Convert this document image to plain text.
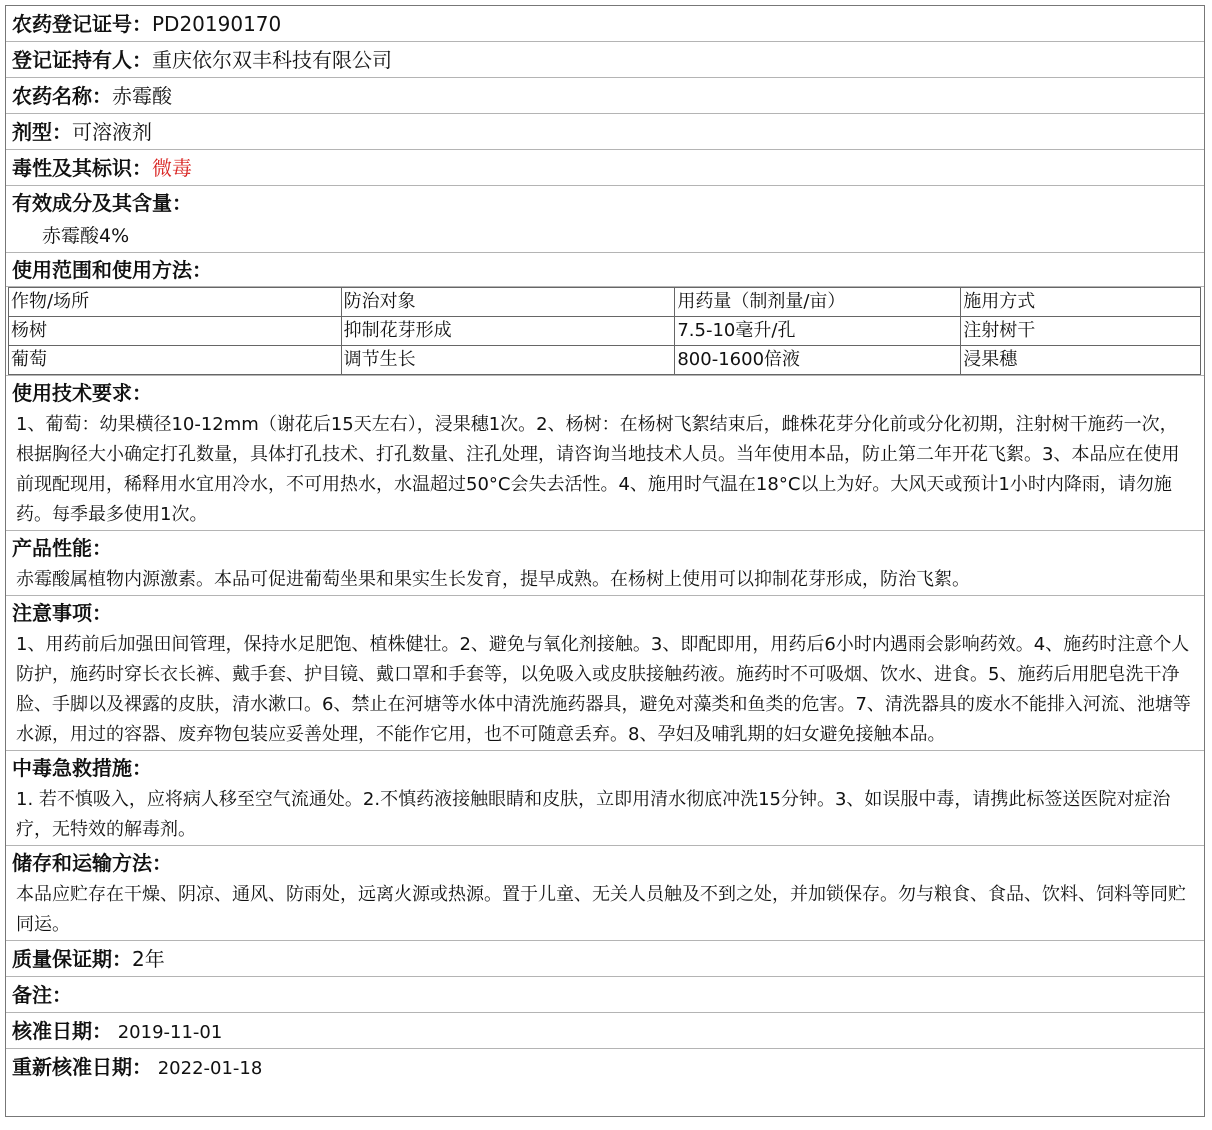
农药登记证号：PD20190170
登记证持有人：重庆依尔双丰科技有限公司
农药名称：赤霉酸
剂型：可溶液剂
毒性及其标识：微毒
有效成分及其含量：
赤霉酸4%
使用范围和使用方法：
作物/场所	防治对象	用药量（制剂量/亩）	施用方式
杨树	抑制花芽形成	7.5-10毫升/孔	注射树干
葡萄	调节生长	800-1600倍液	浸果穗
使用技术要求：
1、葡萄：幼果横径10-12mm（谢花后15天左右），浸果穗1次。2、杨树：在杨树飞絮结束后，雌株花芽分化前或分化初期，注射树干施药一次，根据胸径大小确定打孔数量，具体打孔技术、打孔数量、注孔处理，请咨询当地技术人员。当年使用本品，防止第二年开花飞絮。3、本品应在使用前现配现用，稀释用水宜用冷水，不可用热水，水温超过50°C会失去活性。4、施用时气温在18°C以上为好。大风天或预计1小时内降雨，请勿施药。每季最多使用1次。
产品性能：
赤霉酸属植物内源激素。本品可促进葡萄坐果和果实生长发育，提早成熟。在杨树上使用可以抑制花芽形成，防治飞絮。
注意事项：
1、用药前后加强田间管理，保持水足肥饱、植株健壮。2、避免与氧化剂接触。3、即配即用，用药后6小时内遇雨会影响药效。4、施药时注意个人防护，施药时穿长衣长裤、戴手套、护目镜、戴口罩和手套等，以免吸入或皮肤接触药液。施药时不可吸烟、饮水、进食。5、施药后用肥皂洗干净脸、手脚以及裸露的皮肤，清水漱口。6、禁止在河塘等水体中清洗施药器具，避免对藻类和鱼类的危害。7、清洗器具的废水不能排入河流、池塘等水源，用过的容器、废弃物包装应妥善处理，不能作它用，也不可随意丢弃。8、孕妇及哺乳期的妇女避免接触本品。
中毒急救措施：
1. 若不慎吸入，应将病人移至空气流通处。2.不慎药液接触眼睛和皮肤，立即用清水彻底冲洗15分钟。3、如误服中毒，请携此标签送医院对症治疗，无特效的解毒剂。
储存和运输方法：
本品应贮存在干燥、阴凉、通风、防雨处，远离火源或热源。置于儿童、无关人员触及不到之处，并加锁保存。勿与粮食、食品、饮料、饲料等同贮同运。
质量保证期：2年
备注：
核准日期： 2019-11-01
重新核准日期： 2022-01-18
